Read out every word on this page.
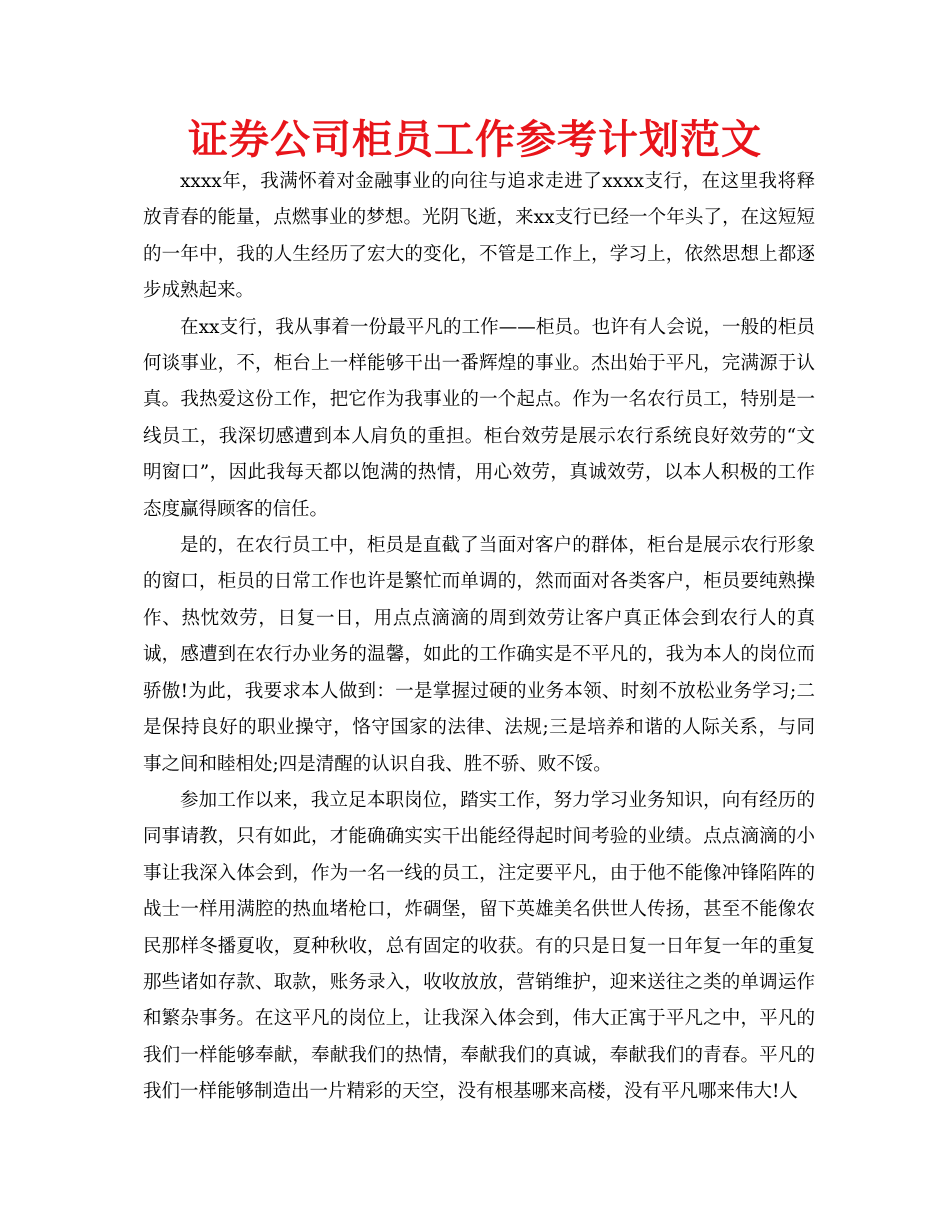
证券公司柜员工作参考计划范文

xxxx年，我满怀着对金融事业的向往与追求走进了xxxx支行，在这里我将释放青春的能量，点燃事业的梦想。光阴飞逝，来xx支行已经一个年头了，在这短短的一年中，我的人生经历了宏大的变化，不管是工作上，学习上，依然思想上都逐步成熟起来。

在xx支行，我从事着一份最平凡的工作——柜员。也许有人会说，一般的柜员何谈事业，不，柜台上一样能够干出一番辉煌的事业。杰出始于平凡，完满源于认真。我热爱这份工作，把它作为我事业的一个起点。作为一名农行员工，特别是一线员工，我深切感遭到本人肩负的重担。柜台效劳是展示农行系统良好效劳的“文明窗口”，因此我每天都以饱满的热情，用心效劳，真诚效劳，以本人积极的工作态度赢得顾客的信任。

是的，在农行员工中，柜员是直截了当面对客户的群体，柜台是展示农行形象的窗口，柜员的日常工作也许是繁忙而单调的，然而面对各类客户，柜员要纯熟操作、热忱效劳，日复一日，用点点滴滴的周到效劳让客户真正体会到农行人的真诚，感遭到在农行办业务的温馨，如此的工作确实是不平凡的，我为本人的岗位而骄傲!为此，我要求本人做到：一是掌握过硬的业务本领、时刻不放松业务学习;二是保持良好的职业操守，恪守国家的法律、法规;三是培养和谐的人际关系，与同事之间和睦相处;四是清醒的认识自我、胜不骄、败不馁。

参加工作以来，我立足本职岗位，踏实工作，努力学习业务知识，向有经历的同事请教，只有如此，才能确确实实干出能经得起时间考验的业绩。点点滴滴的小事让我深入体会到，作为一名一线的员工，注定要平凡，由于他不能像冲锋陷阵的战士一样用满腔的热血堵枪口，炸碉堡，留下英雄美名供世人传扬，甚至不能像农民那样冬播夏收，夏种秋收，总有固定的收获。有的只是日复一日年复一年的重复那些诸如存款、取款，账务录入，收收放放，营销维护，迎来送往之类的单调运作和繁杂事务。在这平凡的岗位上，让我深入体会到，伟大正寓于平凡之中，平凡的我们一样能够奉献，奉献我们的热情，奉献我们的真诚，奉献我们的青春。平凡的我们一样能够制造出一片精彩的天空，没有根基哪来高楼，没有平凡哪来伟大!人
